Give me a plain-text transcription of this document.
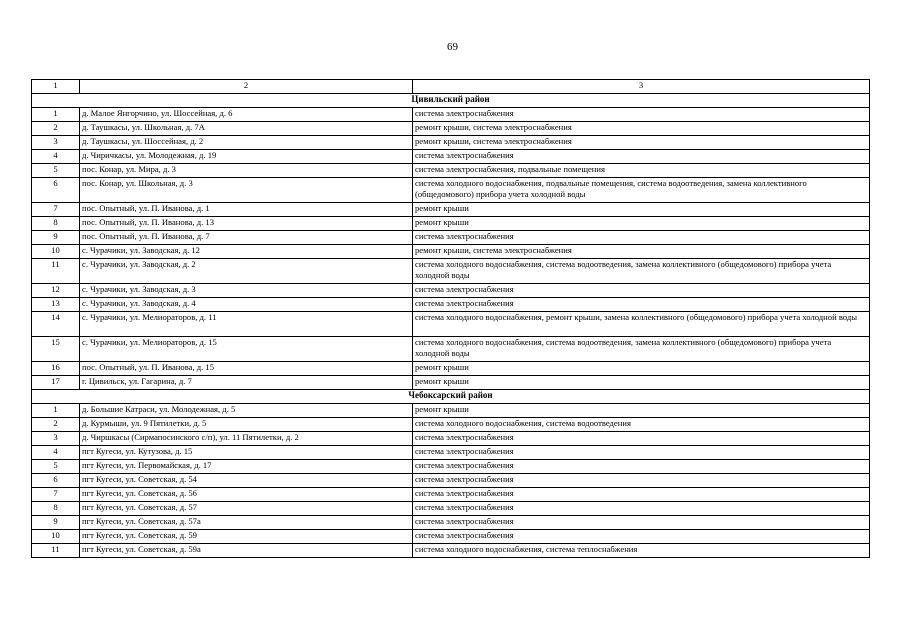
69
1	2	3
Цивильский район		
1	д. Малое Янгорчино, ул. Шоссейная, д. 6	система электроснабжения
2	д. Таушкасы, ул. Школьная, д. 7А	ремонт крыши, система электроснабжения
3	д. Таушкасы, ул. Шоссейная, д. 2	ремонт крыши, система электроснабжения
4	д. Чиричкасы, ул. Молодежная, д. 19	система электроснабжения
5	пос. Конар, ул. Мира, д. 3	система электроснабжения, подвальные помещения
6	пос. Конар, ул. Школьная, д. 3	система холодного водоснабжения, подвальные помещения, система водоотведения, замена коллективного (общедомового) прибора учета холодной воды
7	пос. Опытный, ул. П. Иванова, д. 1	ремонт крыши
8	пос. Опытный, ул. П. Иванова, д. 13	ремонт крыши
9	пос. Опытный, ул. П. Иванова, д. 7	система электроснабжения
10	с. Чурачики, ул. Заводская, д. 12	ремонт крыши, система электроснабжения
11	с. Чурачики, ул. Заводская, д. 2	система холодного водоснабжения, система водоотведения, замена коллективного (общедомового) прибора учета холодной воды
12	с. Чурачики, ул. Заводская, д. 3	система электроснабжения
13	с. Чурачики, ул. Заводская, д. 4	система электроснабжения
14	с. Чурачики, ул. Мелиораторов, д. 11	система холодного водоснабжения, ремонт крыши, замена коллективного (общедомового) прибора учета холодной воды
15	с. Чурачики, ул. Мелиораторов, д. 15	система холодного водоснабжения, система водоотведения, замена коллективного (общедомового) прибора учета холодной воды
16	пос. Опытный, ул. П. Иванова, д. 15	ремонт крыши
17	г. Цивильск, ул. Гагарина, д. 7	ремонт крыши
Чебоксарский район		
1	д. Большие Катраси, ул. Молодежная, д. 5	ремонт крыши
2	д. Курмыши, ул. 9 Пятилетки, д. 5	система холодного водоснабжения, система водоотведения
3	д. Чиршкасы (Сирмапосинского с/п), ул. 11 Пятилетки, д. 2	система электроснабжения
4	пгт Кугеси, ул. Кутузова, д. 15	система электроснабжения
5	пгт Кугеси, ул. Первомайская, д. 17	система электроснабжения
6	пгт Кугеси, ул. Советская, д. 54	система электроснабжения
7	пгт Кугеси, ул. Советская, д. 56	система электроснабжения
8	пгт Кугеси, ул. Советская, д. 57	система электроснабжения
9	пгт Кугеси, ул. Советская, д. 57а	система электроснабжения
10	пгт Кугеси, ул. Советская, д. 59	система электроснабжения
11	пгт Кугеси, ул. Советская, д. 59а	система холодного водоснабжения, система теплоснабжения
